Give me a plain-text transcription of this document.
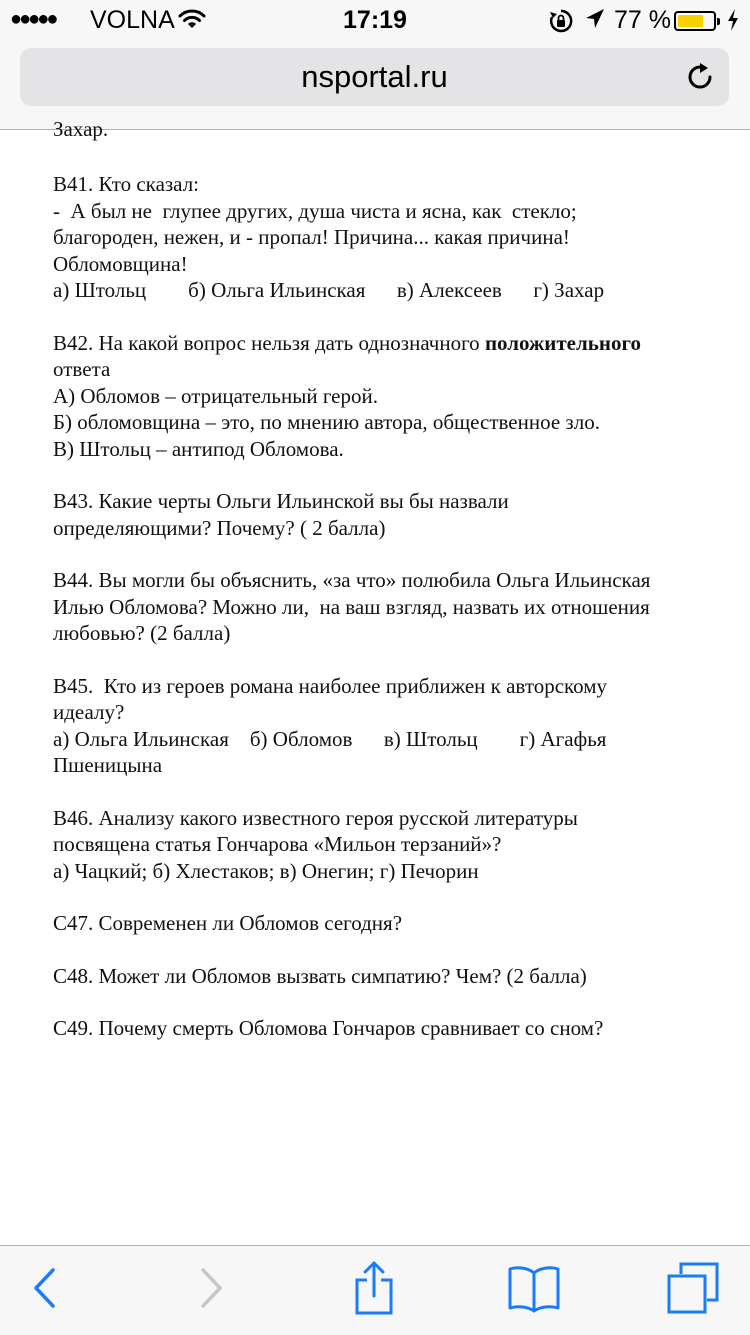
●●●●● VOLNA	17:19	77 %
nsportal.ru
Захар.
В41. Кто сказал:
-  А был не  глупее других, душа чиста и ясна, как  стекло;
благороден, нежен, и - пропал! Причина... какая причина!
Обломовщина!
а) Штольц        б) Ольга Ильинская      в) Алексеев      г) Захар
В42. На какой вопрос нельзя дать однозначного положительного
ответа
А) Обломов – отрицательный герой.
Б) обломовщина – это, по мнению автора, общественное зло.
В) Штольц – антипод Обломова.
В43. Какие черты Ольги Ильинской вы бы назвали
определяющими? Почему? ( 2 балла)
В44. Вы могли бы объяснить, «за что» полюбила Ольга Ильинская
Илью Обломова? Можно ли,  на ваш взгляд, назвать их отношения
любовью? (2 балла)
В45.  Кто из героев романа наиболее приближен к авторскому
идеалу?
а) Ольга Ильинская    б) Обломов      в) Штольц        г) Агафья
Пшеницына
В46. Анализу какого известного героя русской литературы
посвящена статья Гончарова «Мильон терзаний»?
а) Чацкий; б) Хлестаков; в) Онегин; г) Печорин
С47. Современен ли Обломов сегодня?
С48. Может ли Обломов вызвать симпатию? Чем? (2 балла)
С49. Почему смерть Обломова Гончаров сравнивает со сном?
